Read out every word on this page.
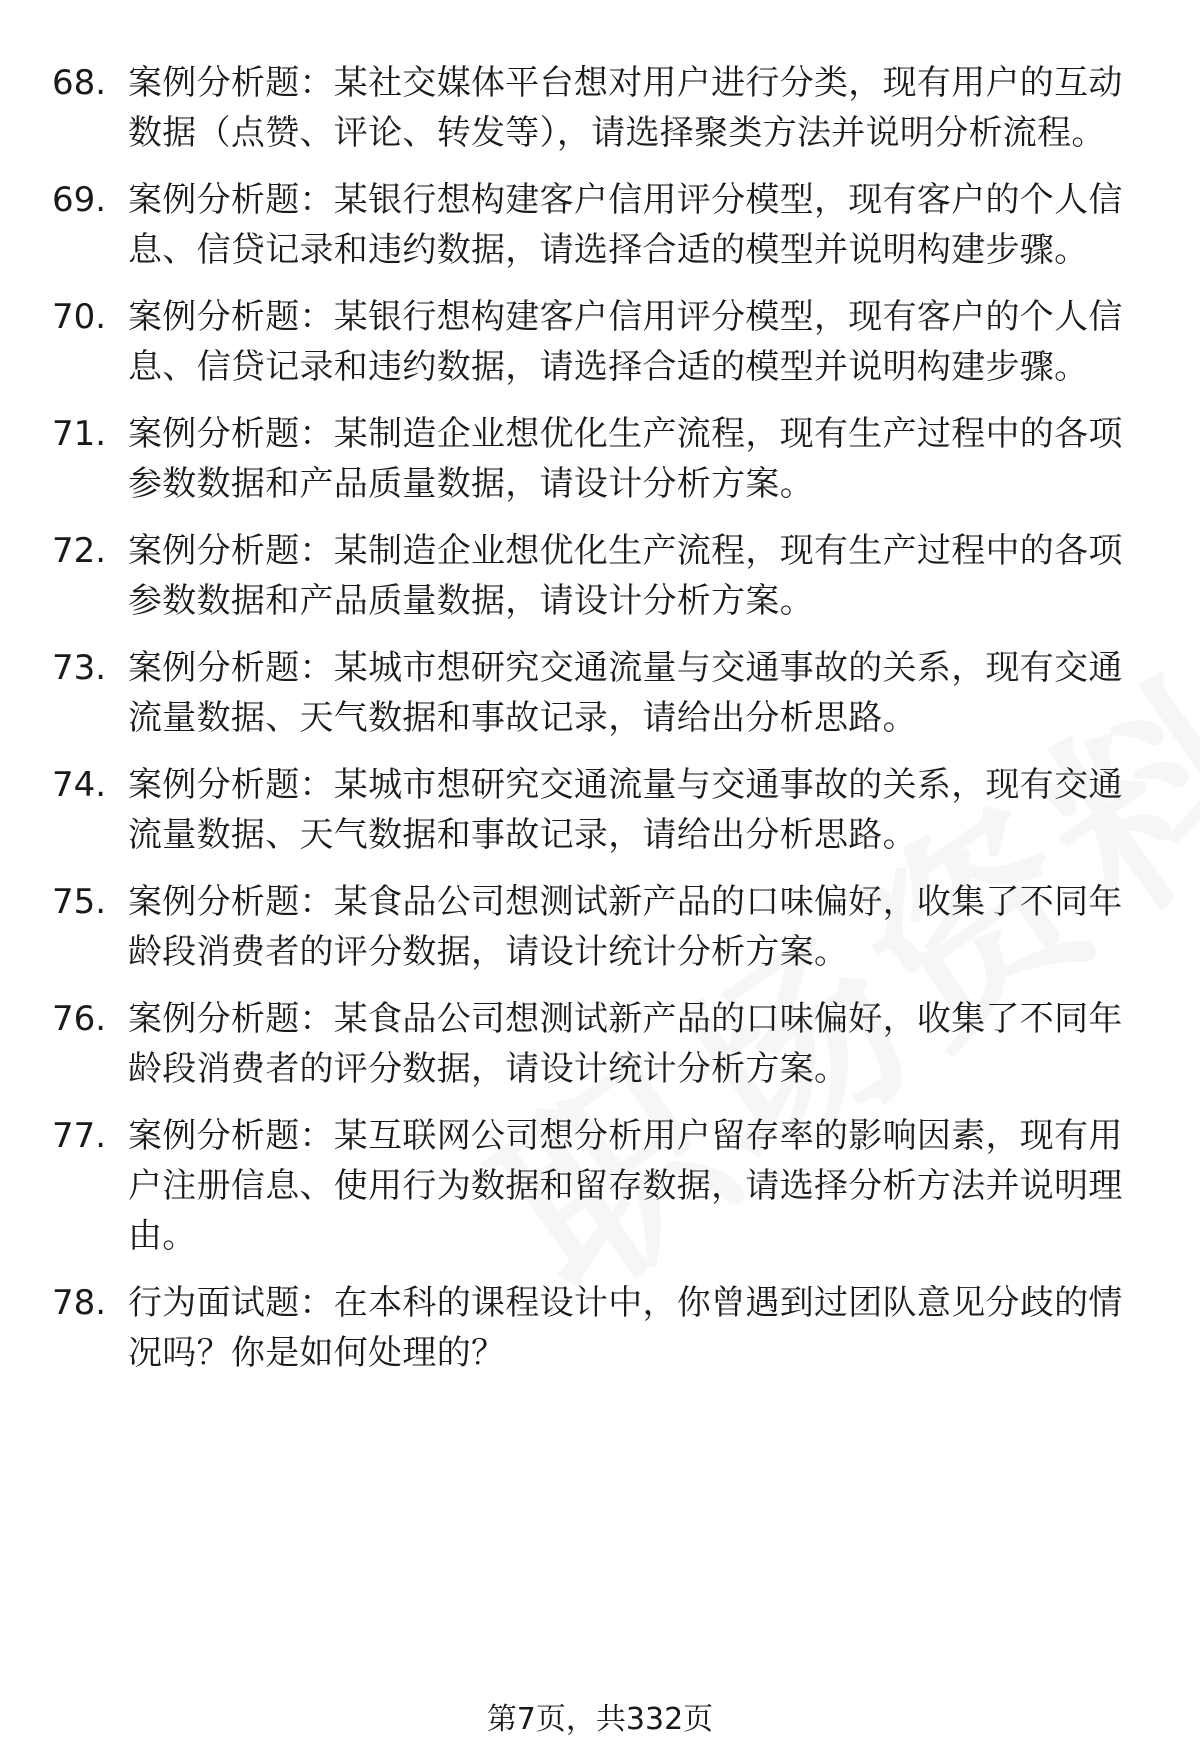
68. 案例分析题：某社交媒体平台想对用户进行分类，现有用户的互动数据（点赞、评论、转发等），请选择聚类方法并说明分析流程。
69. 案例分析题：某银行想构建客户信用评分模型，现有客户的个人信息、信贷记录和违约数据，请选择合适的模型并说明构建步骤。
70. 案例分析题：某银行想构建客户信用评分模型，现有客户的个人信息、信贷记录和违约数据，请选择合适的模型并说明构建步骤。
71. 案例分析题：某制造企业想优化生产流程，现有生产过程中的各项参数数据和产品质量数据，请设计分析方案。
72. 案例分析题：某制造企业想优化生产流程，现有生产过程中的各项参数数据和产品质量数据，请设计分析方案。
73. 案例分析题：某城市想研究交通流量与交通事故的关系，现有交通流量数据、天气数据和事故记录，请给出分析思路。
74. 案例分析题：某城市想研究交通流量与交通事故的关系，现有交通流量数据、天气数据和事故记录，请给出分析思路。
75. 案例分析题：某食品公司想测试新产品的口味偏好，收集了不同年龄段消费者的评分数据，请设计统计分析方案。
76. 案例分析题：某食品公司想测试新产品的口味偏好，收集了不同年龄段消费者的评分数据，请设计统计分析方案。
77. 案例分析题：某互联网公司想分析用户留存率的影响因素，现有用户注册信息、使用行为数据和留存数据，请选择分析方法并说明理由。
78. 行为面试题：在本科的课程设计中，你曾遇到过团队意见分歧的情况吗？你是如何处理的？
第7页，共332页
